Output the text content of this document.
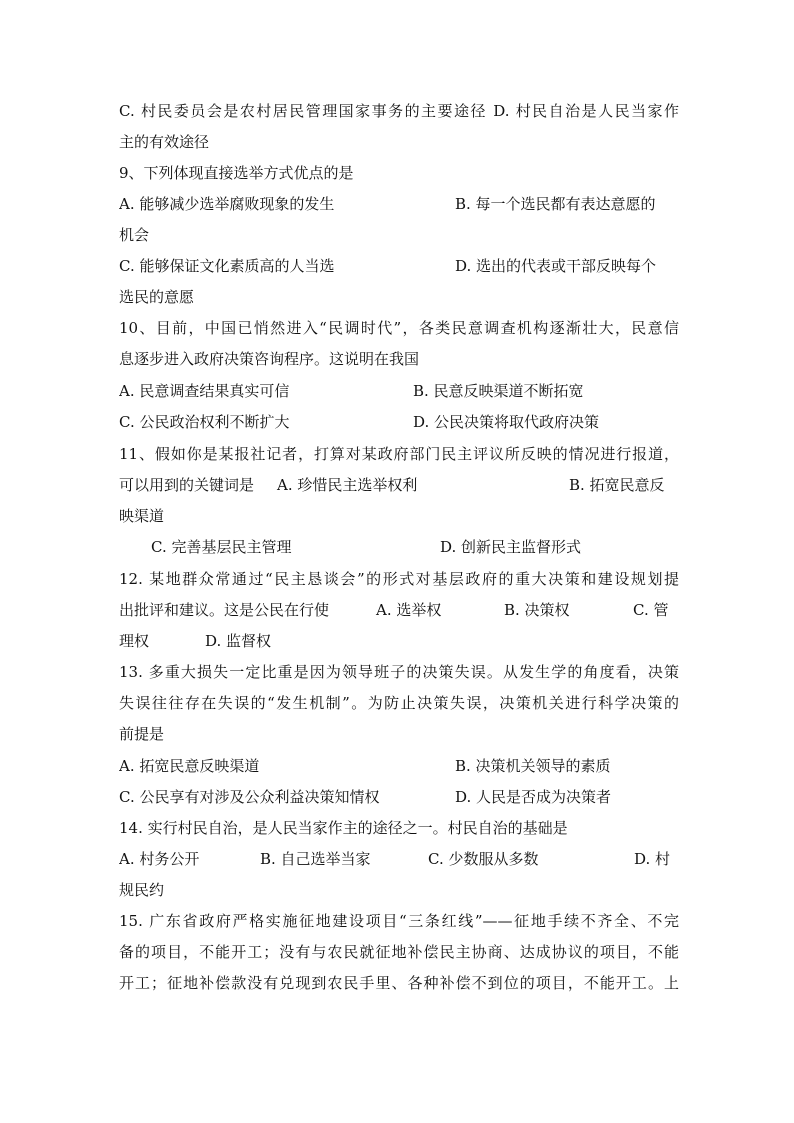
C. 村民委员会是农村居民管理国家事务的主要途径 D. 村民自治是人民当家作
主的有效途径
9、下列体现直接选举方式优点的是
A. 能够减少选举腐败现象的发生	B. 每一个选民都有表达意愿的
机会
C. 能够保证文化素质高的人当选	D. 选出的代表或干部反映每个
选民的意愿
10、目前，中国已悄然进入“民调时代”，各类民意调查机构逐渐壮大，民意信
息逐步进入政府决策咨询程序。这说明在我国
A. 民意调查结果真实可信	B. 民意反映渠道不断拓宽
C. 公民政治权利不断扩大	D. 公民决策将取代政府决策
11、假如你是某报社记者，打算对某政府部门民主评议所反映的情况进行报道，
可以用到的关键词是 A. 珍惜民主选举权利	B. 拓宽民意反
映渠道
C. 完善基层民主管理	D. 创新民主监督形式
12. 某地群众常通过“民主恳谈会”的形式对基层政府的重大决策和建设规划提
出批评和建议。这是公民在行使	A. 选举权	B. 决策权	C. 管
理权	D. 监督权
13. 多重大损失一定比重是因为领导班子的决策失误。从发生学的角度看，决策
失误往往存在失误的“发生机制”。为防止决策失误，决策机关进行科学决策的
前提是
A. 拓宽民意反映渠道	B. 决策机关领导的素质
C. 公民享有对涉及公众利益决策知情权	D. 人民是否成为决策者
14. 实行村民自治，是人民当家作主的途径之一。村民自治的基础是
A. 村务公开	B. 自己选举当家	C. 少数服从多数	D. 村
规民约
15. 广东省政府严格实施征地建设项目“三条红线”——征地手续不齐全、不完
备的项目，不能开工；没有与农民就征地补偿民主协商、达成协议的项目，不能
开工；征地补偿款没有兑现到农民手里、各种补偿不到位的项目，不能开工。上
